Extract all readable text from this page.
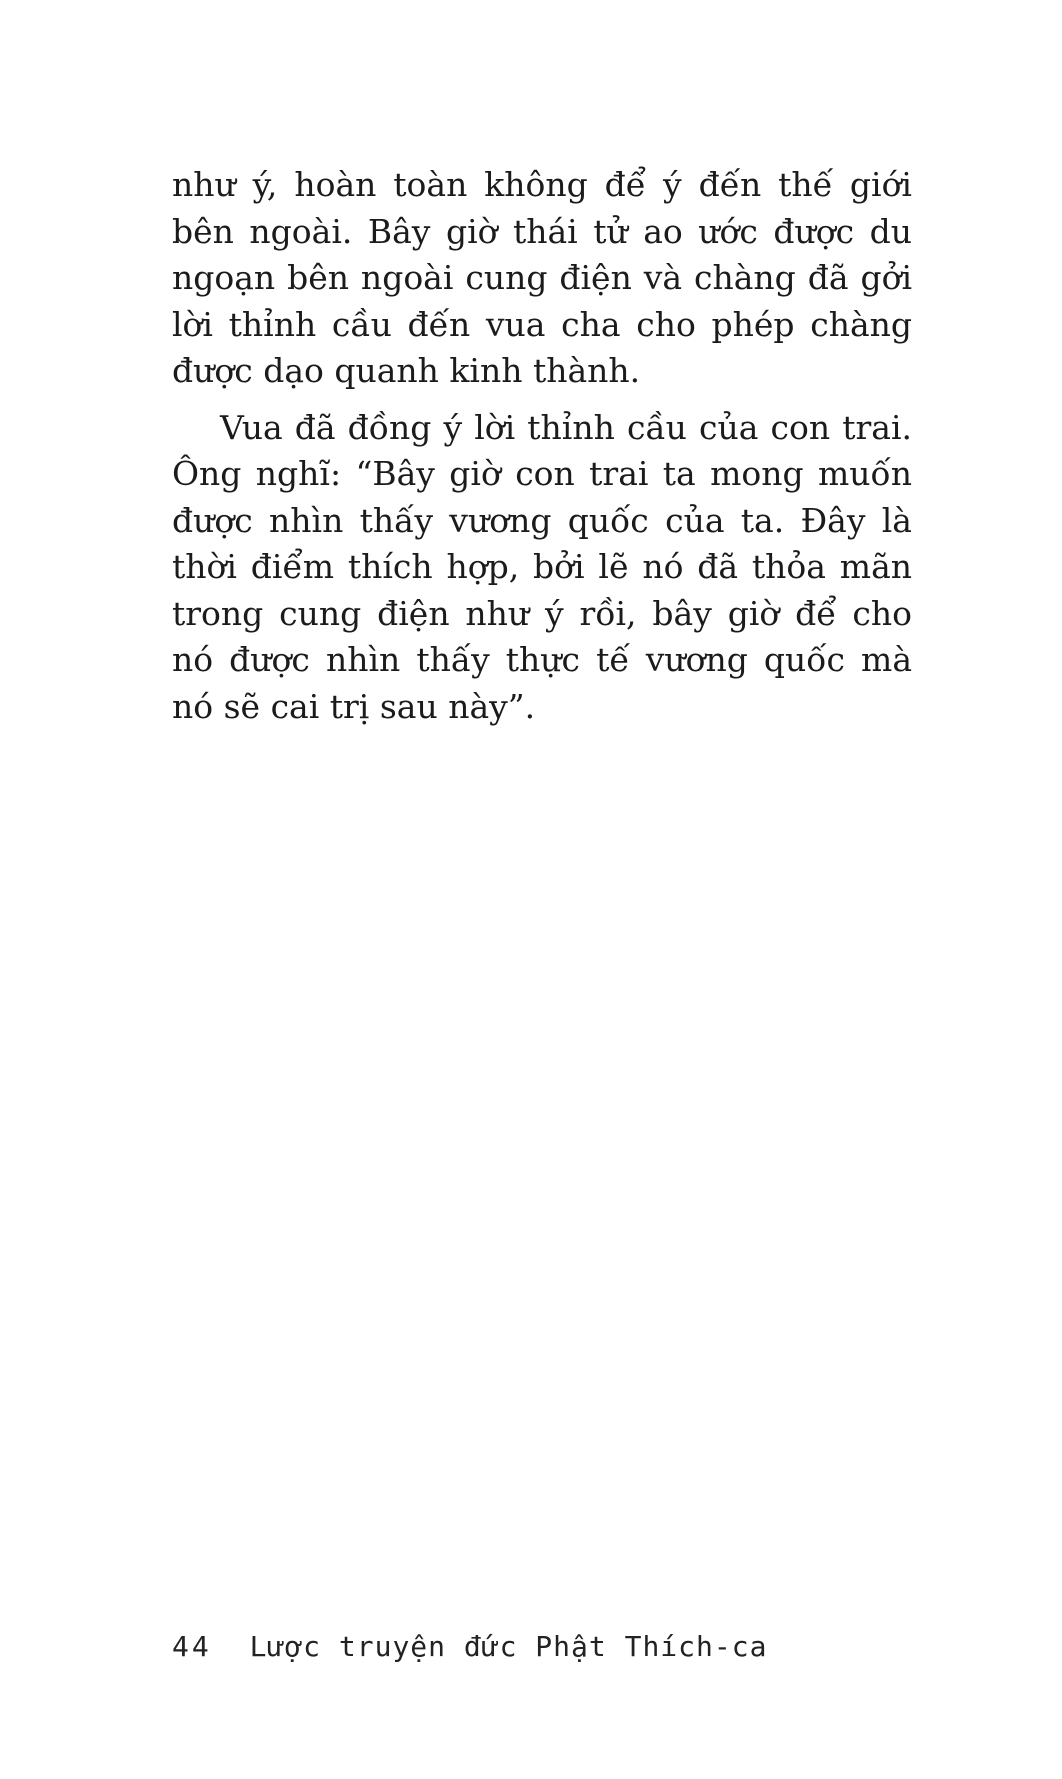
như ý, hoàn toàn không để ý đến thế giới bên ngoài. Bây giờ thái tử ao ước được du ngoạn bên ngoài cung điện và chàng đã gởi lời thỉnh cầu đến vua cha cho phép chàng được dạo quanh kinh thành.

Vua đã đồng ý lời thỉnh cầu của con trai. Ông nghĩ: “Bây giờ con trai ta mong muốn được nhìn thấy vương quốc của ta. Đây là thời điểm thích hợp, bởi lẽ nó đã thỏa mãn trong cung điện như ý rồi, bây giờ để cho nó được nhìn thấy thực tế vương quốc mà nó sẽ cai trị sau này”.

44 Lược truyện đức Phật Thích-ca
